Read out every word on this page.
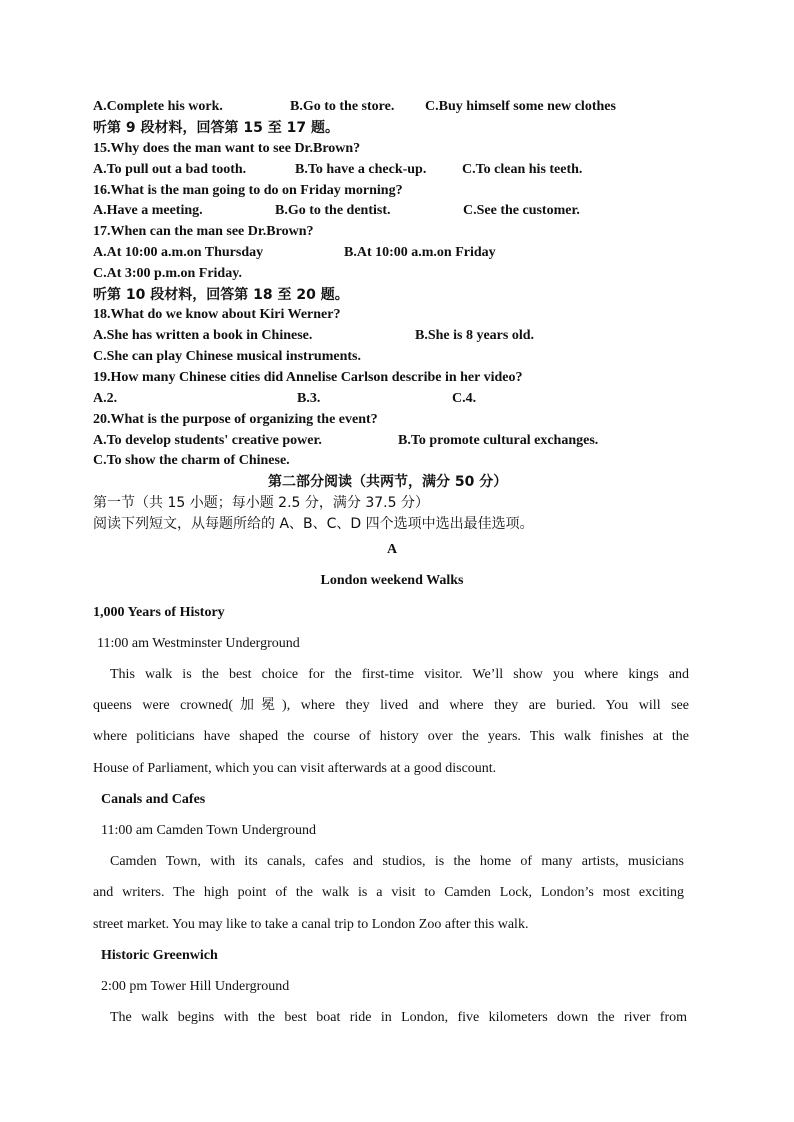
A.Complete his work.	B.Go to the store. C.Buy himself some new clothes
听第 9 段材料，回答第 15 至 17 题。
15.Why does the man want to see Dr.Brown?
A.To pull out a bad tooth.	B.To have a check-up.	C.To clean his teeth.
16.What is the man going to do on Friday morning?
A.Have a meeting.	B.Go to the dentist.	C.See the customer.
17.When can the man see Dr.Brown?
A.At 10:00 a.m.on Thursday	B.At 10:00 a.m.on Friday
C.At 3:00 p.m.on Friday.
听第 10 段材料，回答第 18 至 20 题。
18.What do we know about Kiri Werner?
A.She has written a book in Chinese.	B.She is 8 years old.
C.She can play Chinese musical instruments.
19.How many Chinese cities did Annelise Carlson describe in her video?
A.2.	B.3.	C.4.
20.What is the purpose of organizing the event?
A.To develop students' creative power.	B.To promote cultural exchanges.
C.To show the charm of Chinese.
第二部分阅读（共两节，满分 50 分）
第一节（共 15 小题；每小题 2.5 分，满分 37.5 分）
阅读下列短文，从每题所给的 A、B、C、D 四个选项中选出最佳选项。
A
London weekend Walks
1,000 Years of History
11:00 am Westminster Underground
This walk is the best choice for the first-time visitor. We’ll show you where kings and
queens were crowned(加冕), where they lived and where they are buried. You will see
where politicians have shaped the course of history over the years. This walk finishes at the
House of Parliament, which you can visit afterwards at a good discount.
Canals and Cafes
11:00 am Camden Town Underground
Camden Town, with its canals, cafes and studios, is the home of many artists, musicians
and writers. The high point of the walk is a visit to Camden Lock, London’s most exciting
street market. You may like to take a canal trip to London Zoo after this walk.
Historic Greenwich
2:00 pm Tower Hill Underground
The walk begins with the best boat ride in London, five kilometers down the river from
